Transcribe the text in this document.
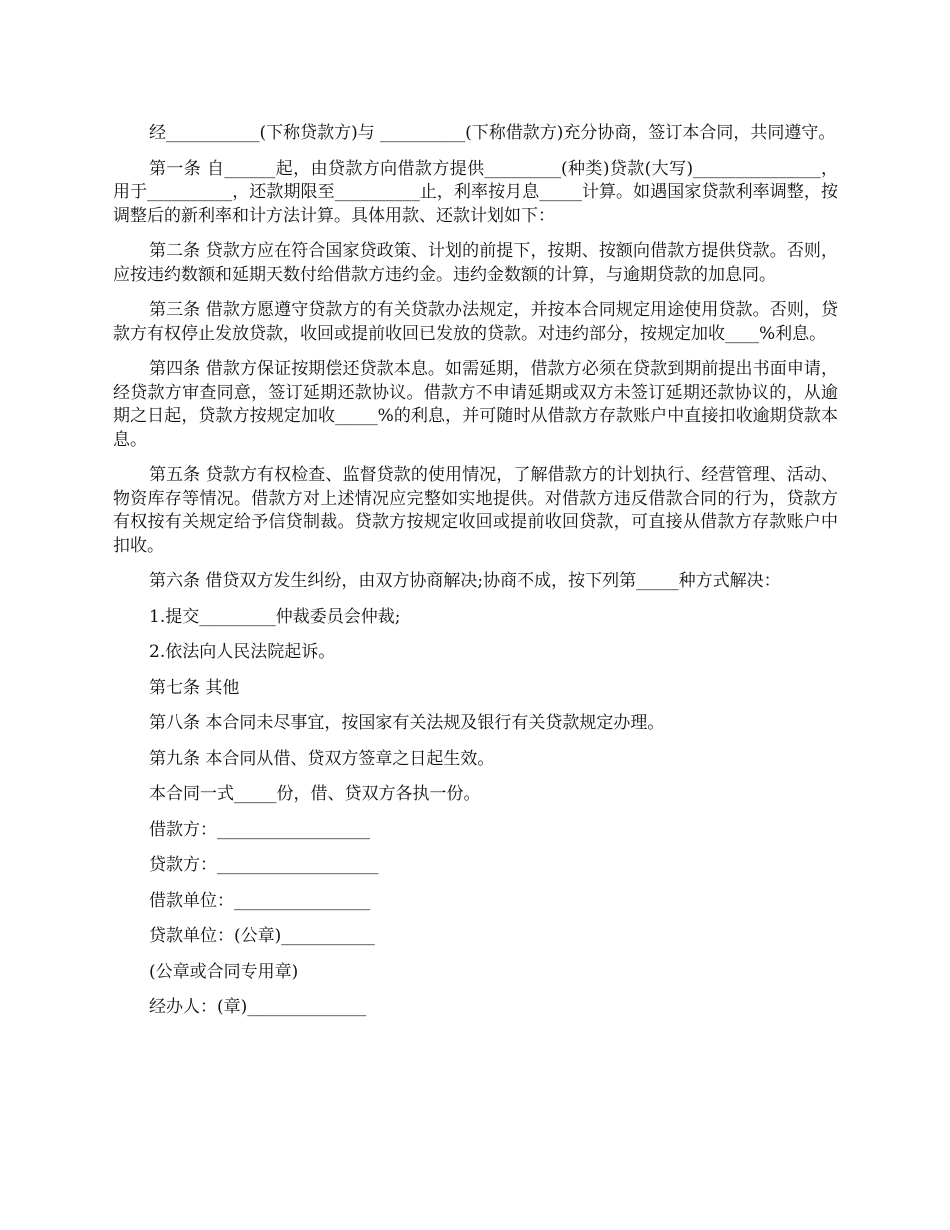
经___________(下称贷款方)与 __________(下称借款方)充分协商，签订本合同，共同遵守。

第一条 自______起，由贷款方向借款方提供_________(种类)贷款(大写)_______________，用于__________，还款期限至__________止，利率按月息_____计算。如遇国家贷款利率调整，按调整后的新利率和计方法计算。具体用款、还款计划如下：

第二条 贷款方应在符合国家贷政策、计划的前提下，按期、按额向借款方提供贷款。否则，应按违约数额和延期天数付给借款方违约金。违约金数额的计算，与逾期贷款的加息同。

第三条 借款方愿遵守贷款方的有关贷款办法规定，并按本合同规定用途使用贷款。否则，贷款方有权停止发放贷款，收回或提前收回已发放的贷款。对违约部分，按规定加收____%利息。

第四条 借款方保证按期偿还贷款本息。如需延期，借款方必须在贷款到期前提出书面申请，经贷款方审查同意，签订延期还款协议。借款方不申请延期或双方未签订延期还款协议的，从逾期之日起，贷款方按规定加收_____%的利息，并可随时从借款方存款账户中直接扣收逾期贷款本息。

第五条 贷款方有权检查、监督贷款的使用情况，了解借款方的计划执行、经营管理、活动、物资库存等情况。借款方对上述情况应完整如实地提供。对借款方违反借款合同的行为，贷款方有权按有关规定给予信贷制裁。贷款方按规定收回或提前收回贷款，可直接从借款方存款账户中扣收。

第六条 借贷双方发生纠纷，由双方协商解决;协商不成，按下列第_____种方式解决：

1.提交_________仲裁委员会仲裁;

2.依法向人民法院起诉。

第七条 其他

第八条 本合同未尽事宜，按国家有关法规及银行有关贷款规定办理。

第九条 本合同从借、贷双方签章之日起生效。

本合同一式_____份，借、贷双方各执一份。

借款方：__________________

贷款方：___________________

借款单位：________________

贷款单位：(公章)___________

(公章或合同专用章)

经办人：(章)______________
